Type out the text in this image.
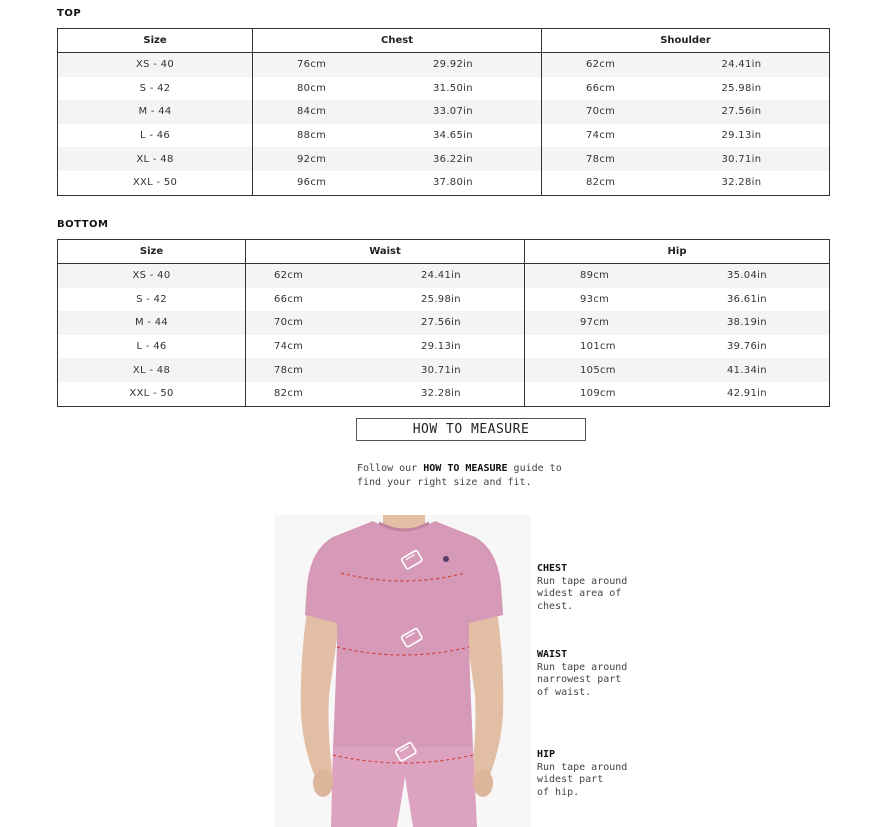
TOP
Size	Chest	Shoulder
XS - 40	76cm	29.92in	62cm	24.41in
S - 42	80cm	31.50in	66cm	25.98in
M - 44	84cm	33.07in	70cm	27.56in
L - 46	88cm	34.65in	74cm	29.13in
XL - 48	92cm	36.22in	78cm	30.71in
XXL - 50	96cm	37.80in	82cm	32.28in
BOTTOM
Size	Waist	Hip
XS - 40	62cm	24.41in	89cm	35.04in
S - 42	66cm	25.98in	93cm	36.61in
M - 44	70cm	27.56in	97cm	38.19in
L - 46	74cm	29.13in	101cm	39.76in
XL - 48	78cm	30.71in	105cm	41.34in
XXL - 50	82cm	32.28in	109cm	42.91in
HOW TO MEASURE
Follow our HOW TO MEASURE guide to
find your right size and fit.
CHEST
Run tape around
widest area of
chest.
WAIST
Run tape around
narrowest part
of waist.
HIP
Run tape around
widest part
of hip.
